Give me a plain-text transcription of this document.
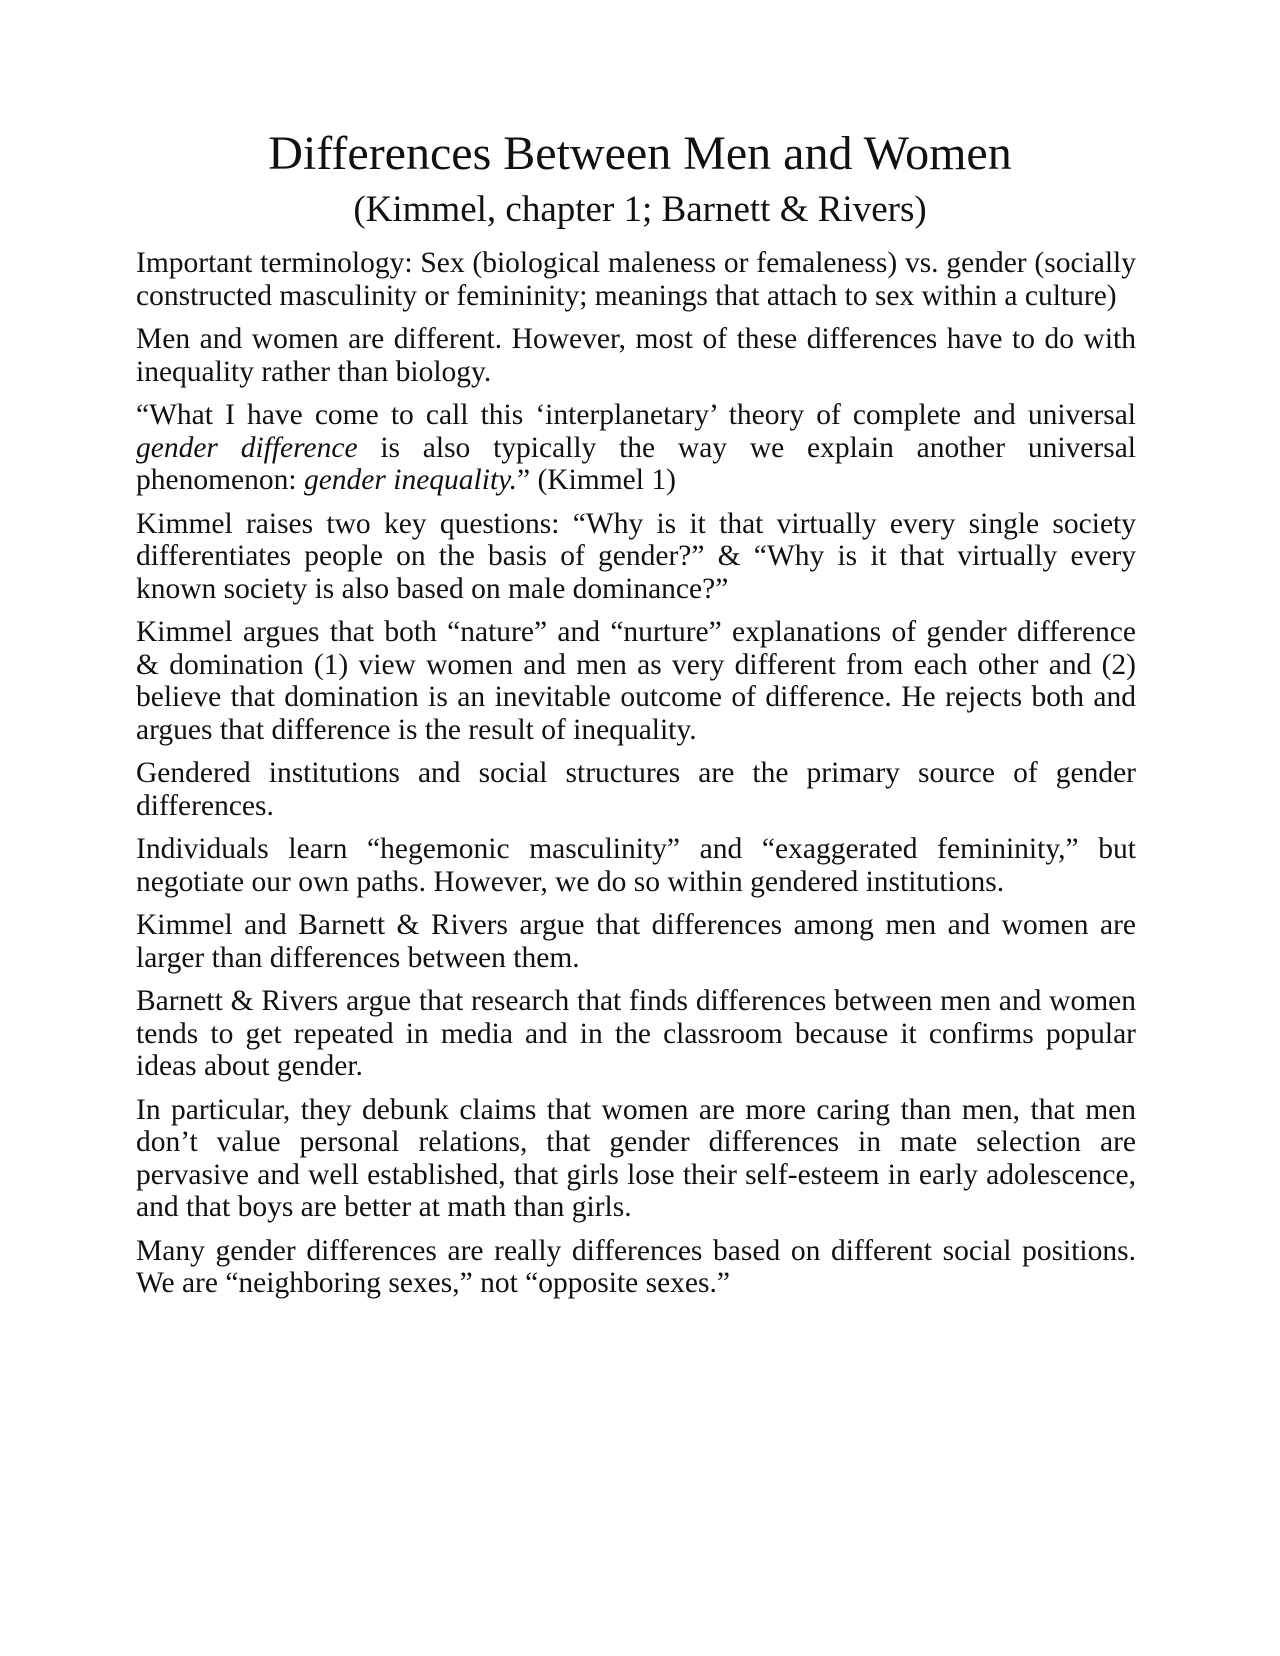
Differences Between Men and Women
(Kimmel, chapter 1; Barnett & Rivers)

Important terminology: Sex (biological maleness or femaleness) vs. gender (socially constructed masculinity or femininity; meanings that attach to sex within a culture)

Men and women are different. However, most of these differences have to do with inequality rather than biology.

“What I have come to call this ‘interplanetary’ theory of complete and universal gender difference is also typically the way we explain another universal phenomenon: gender inequality.” (Kimmel 1)

Kimmel raises two key questions: “Why is it that virtually every single society differentiates people on the basis of gender?” & “Why is it that virtually every known society is also based on male dominance?”

Kimmel argues that both “nature” and “nurture” explanations of gender difference & domination (1) view women and men as very different from each other and (2) believe that domination is an inevitable outcome of difference. He rejects both and argues that difference is the result of inequality.

Gendered institutions and social structures are the primary source of gender differences.

Individuals learn “hegemonic masculinity” and “exaggerated femininity,” but negotiate our own paths. However, we do so within gendered institutions.

Kimmel and Barnett & Rivers argue that differences among men and women are larger than differences between them.

Barnett & Rivers argue that research that finds differences between men and women tends to get repeated in media and in the classroom because it confirms popular ideas about gender.

In particular, they debunk claims that women are more caring than men, that men don’t value personal relations, that gender differences in mate selection are pervasive and well established, that girls lose their self-esteem in early adolescence, and that boys are better at math than girls.

Many gender differences are really differences based on different social positions. We are “neighboring sexes,” not “opposite sexes.”
